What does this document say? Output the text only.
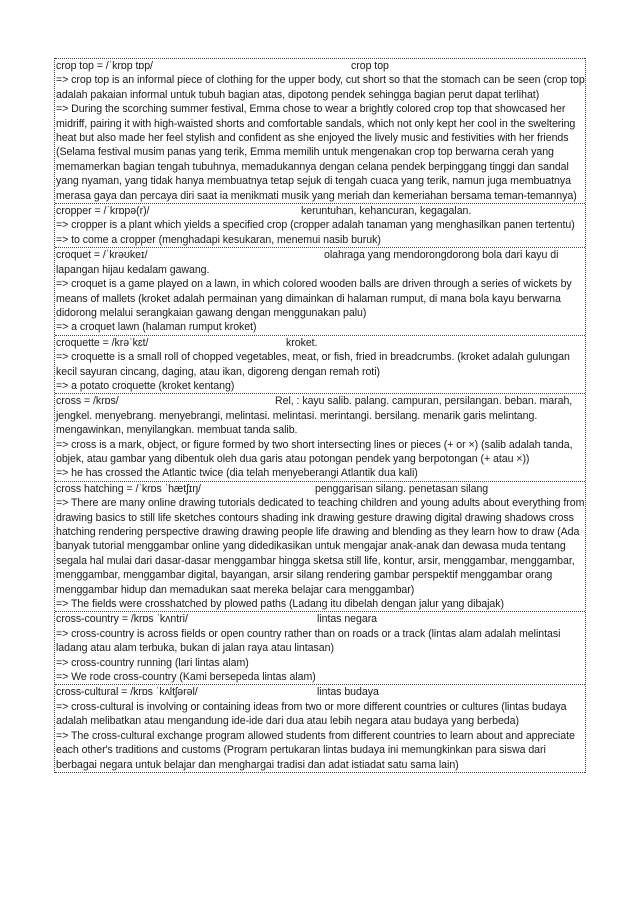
crop top = /ˈkrɒp tɒp/	crop top
=> crop top is an informal piece of clothing for the upper body, cut short so that the stomach can be seen (crop top adalah pakaian informal untuk tubuh bagian atas, dipotong pendek sehingga bagian perut dapat terlihat)
=> During the scorching summer festival, Emma chose to wear a brightly colored crop top that showcased her midriff, pairing it with high-waisted shorts and comfortable sandals, which not only kept her cool in the sweltering heat but also made her feel stylish and confident as she enjoyed the lively music and festivities with her friends (Selama festival musim panas yang terik, Emma memilih untuk mengenakan crop top berwarna cerah yang memamerkan bagian tengah tubuhnya, memadukannya dengan celana pendek berpinggang tinggi dan sandal yang nyaman, yang tidak hanya membuatnya tetap sejuk di tengah cuaca yang terik, namun juga membuatnya merasa gaya dan percaya diri saat ia menikmati musik yang meriah dan kemeriahan bersama teman-temannya)
cropper = /ˈkrɒpə(r)/	keruntuhan, kehancuran, kegagalan.
=> cropper is a plant which yields a specified crop (cropper adalah tanaman yang menghasilkan panen tertentu)
=> to come a cropper (menghadapi kesukaran, menemui nasib buruk)
croquet = /ˈkrəʊkeɪ/	olahraga yang mendorongdorong bola dari kayu di lapangan hijau kedalam gawang.
=> croquet is a game played on a lawn, in which colored wooden balls are driven through a series of wickets by means of mallets (kroket adalah permainan yang dimainkan di halaman rumput, di mana bola kayu berwarna didorong melalui serangkaian gawang dengan menggunakan palu)
=> a croquet lawn (halaman rumput kroket)
croquette = /krəˈkɛt/	kroket.
=> croquette is a small roll of chopped vegetables, meat, or fish, fried in breadcrumbs. (kroket adalah gulungan kecil sayuran cincang, daging, atau ikan, digoreng dengan remah roti)
=> a potato croquette (kroket kentang)
cross = /krɒs/	Rel, : kayu salib. palang. campuran, persilangan. beban. marah, jengkel. menyebrang. menyebrangi, melintasi. melintasi. merintangi. bersilang. menarik garis melintang. mengawinkan, menyilangkan. membuat tanda salib.
=> cross is a mark, object, or figure formed by two short intersecting lines or pieces (+ or ×) (salib adalah tanda, objek, atau gambar yang dibentuk oleh dua garis atau potongan pendek yang berpotongan (+ atau ×))
=> he has crossed the Atlantic twice (dia telah menyeberangi Atlantik dua kali)
cross hatching = /ˈkrɒs ˈhætʃɪŋ/	penggarisan silang. penetasan silang
=> There are many online drawing tutorials dedicated to teaching children and young adults about everything from drawing basics to still life sketches contours shading ink drawing gesture drawing digital drawing shadows cross hatching rendering perspective drawing drawing people life drawing and blending as they learn how to draw (Ada banyak tutorial menggambar online yang didedikasikan untuk mengajar anak-anak dan dewasa muda tentang segala hal mulai dari dasar-dasar menggambar hingga sketsa still life, kontur, arsir, menggambar, menggambar, menggambar, menggambar digital, bayangan, arsir silang rendering gambar perspektif menggambar orang menggambar hidup dan memadukan saat mereka belajar cara menggambar)
=> The fields were crosshatched by plowed paths (Ladang itu dibelah dengan jalur yang dibajak)
cross-country = /krɒs ˈkʌntri/	lintas negara
=> cross-country is across fields or open country rather than on roads or a track (lintas alam adalah melintasi ladang atau alam terbuka, bukan di jalan raya atau lintasan)
=> cross-country running (lari lintas alam)
=> We rode cross-country (Kami bersepeda lintas alam)
cross-cultural = /krɒs ˈkʌltʃərəl/	lintas budaya
=> cross-cultural is involving or containing ideas from two or more different countries or cultures (lintas budaya adalah melibatkan atau mengandung ide-ide dari dua atau lebih negara atau budaya yang berbeda)
=> The cross-cultural exchange program allowed students from different countries to learn about and appreciate each other's traditions and customs (Program pertukaran lintas budaya ini memungkinkan para siswa dari berbagai negara untuk belajar dan menghargai tradisi dan adat istiadat satu sama lain)
